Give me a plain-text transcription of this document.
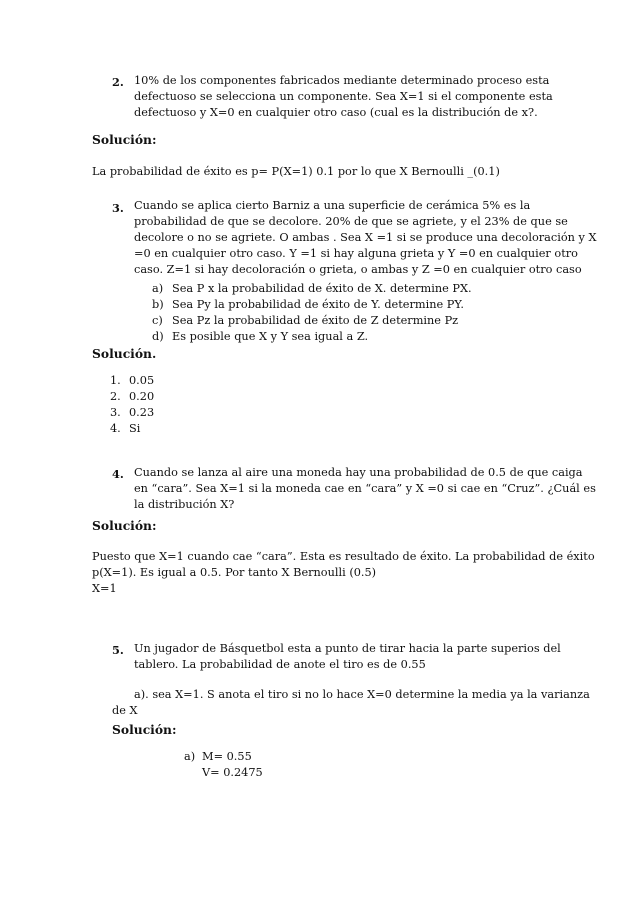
2. 10% de los componentes fabricados mediante determinado proceso esta
defectuoso se selecciona un componente. Sea X=1 si el componente esta
defectuoso y X=0 en cualquier otro caso (cual es la distribución de x?.
Solución:
La probabilidad de éxito es p= P(X=1) 0.1 por lo que X Bernoulli _(0.1)
3. Cuando se aplica cierto Barniz a una superficie de cerámica 5% es la
probabilidad de que se decolore. 20% de que se agriete, y el 23% de que se
decolore o no se agriete. O ambas . Sea X =1 si se produce una decoloración y X
=0 en cualquier otro caso. Y =1 si hay alguna grieta y Y =0 en cualquier otro
caso. Z=1 si hay decoloración o grieta, o ambas y Z =0 en cualquier otro caso
a) Sea P x la probabilidad de éxito de X. determine PX.
b) Sea Py la probabilidad de éxito de Y. determine PY.
c) Sea Pz la probabilidad de éxito de Z determine Pz
d) Es posible que X y Y sea igual a Z.
Solución.
1. 0.05
2. 0.20
3. 0.23
4. Si
4. Cuando se lanza al aire una moneda hay una probabilidad de 0.5 de que caiga
en “cara”. Sea X=1 si la moneda cae en “cara” y X =0 si cae en “Cruz”. ¿Cuál es
la distribución X?
Solución:
Puesto que X=1 cuando cae “cara”. Esta es resultado de éxito. La probabilidad de éxito
p(X=1). Es igual a 0.5. Por tanto X Bernoulli (0.5)
X=1
5. Un jugador de Básquetbol esta a punto de tirar hacia la parte superios del
tablero. La probabilidad de anote el tiro es de 0.55
a). sea X=1. S anota el tiro si no lo hace X=0 determine la media ya la varianza
de X
Solución:
a) M= 0.55
V= 0.2475
